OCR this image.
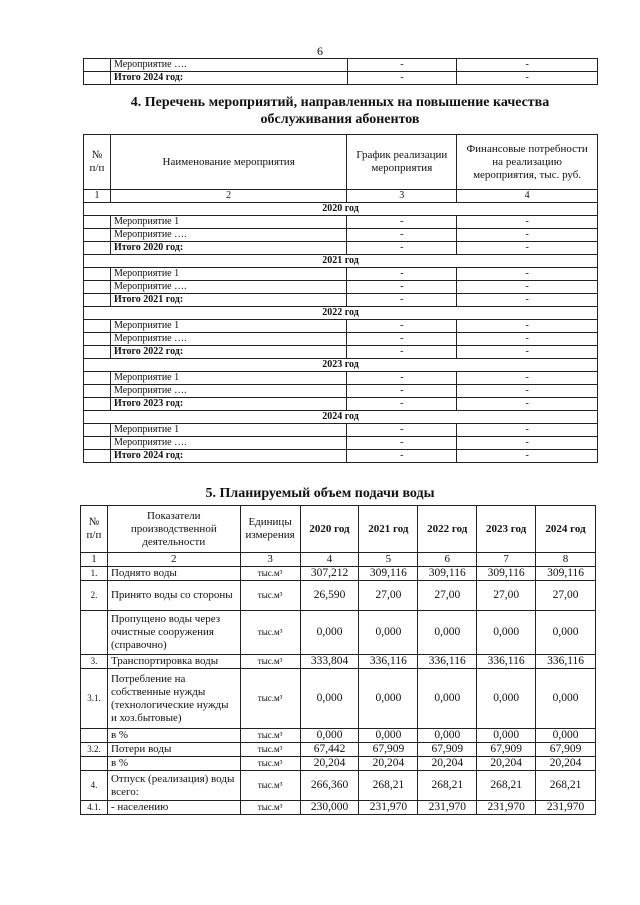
6
	Мероприятие ….	-	-
	Итого 2024 год:	-	-
4. Перечень мероприятий, направленных на повышение качества
обслуживания абонентов
№ п/п	Наименование мероприятия	График реализации мероприятия	Финансовые потребности на реализацию мероприятия, тыс. руб.
1	2	3	4
2020 год			
	Мероприятие 1	-	-
	Мероприятие ….	-	-
	Итого 2020 год:	-	-
2021 год			
	Мероприятие 1	-	-
	Мероприятие ….	-	-
	Итого 2021 год:	-	-
2022 год			
	Мероприятие 1	-	-
	Мероприятие ….	-	-
	Итого 2022 год:	-	-
2023 год			
	Мероприятие 1	-	-
	Мероприятие ….	-	-
	Итого 2023 год:	-	-
2024 год			
	Мероприятие 1	-	-
	Мероприятие ….	-	-
	Итого 2024 год:	-	-
5. Планируемый объем подачи воды
№ п/п	Показатели производственной деятельности	Единицы измерения	2020 год	2021 год	2022 год	2023 год	2024 год
1	2	3	4	5	6	7	8
1.	Поднято воды	тыс.м³	307,212	309,116	309,116	309,116	309,116
2.	Принято воды со стороны	тыс.м³	26,590	27,00	27,00	27,00	27,00
	Пропущено воды через очистные сооружения (справочно)	тыс.м³	0,000	0,000	0,000	0,000	0,000
3.	Транспортировка воды	тыс.м³	333,804	336,116	336,116	336,116	336,116
3.1.	Потребление на собственные нужды (технологические нужды и хоз.бытовые)	тыс.м³	0,000	0,000	0,000	0,000	0,000
	в %	тыс.м³	0,000	0,000	0,000	0,000	0,000
3.2.	Потери воды	тыс.м³	67,442	67,909	67,909	67,909	67,909
	в %	тыс.м³	20,204	20,204	20,204	20,204	20,204
4.	Отпуск (реализация) воды всего:	тыс.м³	266,360	268,21	268,21	268,21	268,21
4.1.	- населению	тыс.м³	230,000	231,970	231,970	231,970	231,970
